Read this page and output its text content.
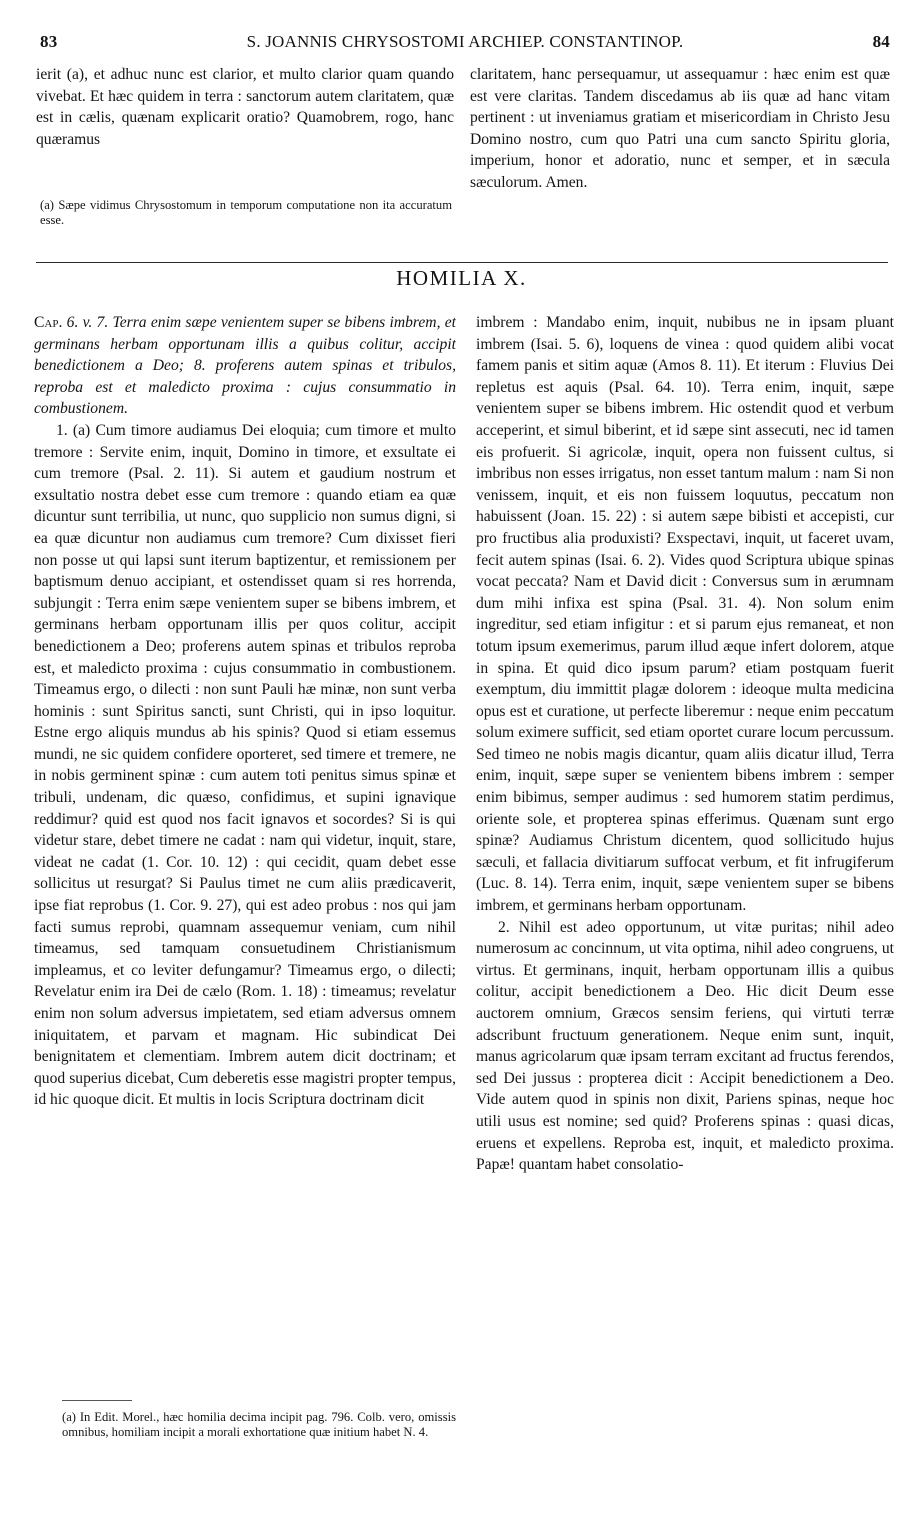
83	S. JOANNIS CHRYSOSTOMI ARCHIEP. CONSTANTINOP.	84

ierit (a), et adhuc nunc est clarior, et multo clarior quam quando vivebat. Et hæc quidem in terra : sanctorum autem claritatem, quæ est in cælis, quænam explicarit oratio? Quamobrem, rogo, hanc quæramus

(a) Sæpe vidimus Chrysostomum in temporum computatione non ita accuratum esse.

claritatem, hanc persequamur, ut assequamur : hæc enim est quæ est vere claritas. Tandem discedamus ab iis quæ ad hanc vitam pertinent : ut inveniamus gratiam et misericordiam in Christo Jesu Domino nostro, cum quo Patri una cum sancto Spiritu gloria, imperium, honor et adoratio, nunc et semper, et in sæcula sæculorum. Amen.

HOMILIA X.

Cap. 6. v. 7. Terra enim sæpe venientem super se bibens imbrem, et germinans herbam opportunam illis a quibus colitur, accipit benedictionem a Deo; 8. proferens autem spinas et tribulos, reproba est et maledicto proxima : cujus consummatio in combustionem.

1. (a) Cum timore audiamus Dei eloquia; cum timore et multo tremore : Servite enim, inquit, Domino in timore, et exsultate ei cum tremore (Psal. 2. 11). Si autem et gaudium nostrum et exsultatio nostra debet esse cum tremore : quando etiam ea quæ dicuntur sunt terribilia, ut nunc, quo supplicio non sumus digni, si ea quæ dicuntur non audiamus cum tremore? Cum dixisset fieri non posse ut qui lapsi sunt iterum baptizentur, et remissionem per baptismum denuo accipiant, et ostendisset quam si res horrenda, subjungit : Terra enim sæpe venientem super se bibens imbrem, et germinans herbam opportunam illis per quos colitur, accipit benedictionem a Deo; proferens autem spinas et tribulos reproba est, et maledicto proxima : cujus consummatio in combustionem. Timeamus ergo, o dilecti : non sunt Pauli hæ minæ, non sunt verba hominis : sunt Spiritus sancti, sunt Christi, qui in ipso loquitur. Estne ergo aliquis mundus ab his spinis? Quod si etiam essemus mundi, ne sic quidem confidere oporteret, sed timere et tremere, ne in nobis germinent spinæ : cum autem toti penitus simus spinæ et tribuli, undenam, dic quæso, confidimus, et supini ignavique reddimur? quid est quod nos facit ignavos et socordes? Si is qui videtur stare, debet timere ne cadat : nam qui videtur, inquit, stare, videat ne cadat (1. Cor. 10. 12) : qui cecidit, quam debet esse sollicitus ut resurgat? Si Paulus timet ne cum aliis prædicaverit, ipse fiat reprobus (1. Cor. 9. 27), qui est adeo probus : nos qui jam facti sumus reprobi, quamnam assequemur veniam, cum nihil timeamus, sed tamquam consuetudinem Christianismum impleamus, et co leviter defungamur? Timeamus ergo, o dilecti; Revelatur enim ira Dei de cælo (Rom. 1. 18) : timeamus; revelatur enim non solum adversus impietatem, sed etiam adversus omnem iniquitatem, et parvam et magnam. Hic subindicat Dei benignitatem et clementiam. Imbrem autem dicit doctrinam; et quod superius dicebat, Cum deberetis esse magistri propter tempus, id hic quoque dicit. Et multis in locis Scriptura doctrinam dicit

(a) In Edit. Morel., hæc homilia decima incipit pag. 796. Colb. vero, omissis omnibus, homiliam incipit a morali exhortatione quæ initium habet N. 4.

imbrem : Mandabo enim, inquit, nubibus ne in ipsam pluant imbrem (Isai. 5. 6), loquens de vinea : quod quidem alibi vocat famem panis et sitim aquæ (Amos 8. 11). Et iterum : Fluvius Dei repletus est aquis (Psal. 64. 10). Terra enim, inquit, sæpe venientem super se bibens imbrem. Hic ostendit quod et verbum acceperint, et simul biberint, et id sæpe sint assecuti, nec id tamen eis profuerit. Si agricolæ, inquit, opera non fuissent cultus, si imbribus non esses irrigatus, non esset tantum malum : nam Si non venissem, inquit, et eis non fuissem loquutus, peccatum non habuissent (Joan. 15. 22) : si autem sæpe bibisti et accepisti, cur pro fructibus alia produxisti? Exspectavi, inquit, ut faceret uvam, fecit autem spinas (Isai. 6. 2). Vides quod Scriptura ubique spinas vocat peccata? Nam et David dicit : Conversus sum in ærumnam dum mihi infixa est spina (Psal. 31. 4). Non solum enim ingreditur, sed etiam infigitur : et si parum ejus remaneat, et non totum ipsum exemerimus, parum illud æque infert dolorem, atque in spina. Et quid dico ipsum parum? etiam postquam fuerit exemptum, diu immittit plagæ dolorem : ideoque multa medicina opus est et curatione, ut perfecte liberemur : neque enim peccatum solum eximere sufficit, sed etiam oportet curare locum percussum. Sed timeo ne nobis magis dicantur, quam aliis dicatur illud, Terra enim, inquit, sæpe super se venientem bibens imbrem : semper enim bibimus, semper audimus : sed humorem statim perdimus, oriente sole, et propterea spinas efferimus. Quænam sunt ergo spinæ? Audiamus Christum dicentem, quod sollicitudo hujus sæculi, et fallacia divitiarum suffocat verbum, et fit infrugiferum (Luc. 8. 14). Terra enim, inquit, sæpe venientem super se bibens imbrem, et germinans herbam opportunam.

2. Nihil est adeo opportunum, ut vitæ puritas; nihil adeo numerosum ac concinnum, ut vita optima, nihil adeo congruens, ut virtus. Et germinans, inquit, herbam opportunam illis a quibus colitur, accipit benedictionem a Deo. Hic dicit Deum esse auctorem omnium, Græcos sensim feriens, qui virtuti terræ adscribunt fructuum generationem. Neque enim sunt, inquit, manus agricolarum quæ ipsam terram excitant ad fructus ferendos, sed Dei jussus : propterea dicit : Accipit benedictionem a Deo. Vide autem quod in spinis non dixit, Pariens spinas, neque hoc utili usus est nomine; sed quid? Proferens spinas : quasi dicas, eruens et expellens. Reproba est, inquit, et maledicto proxima. Papæ! quantam habet consolatio-
